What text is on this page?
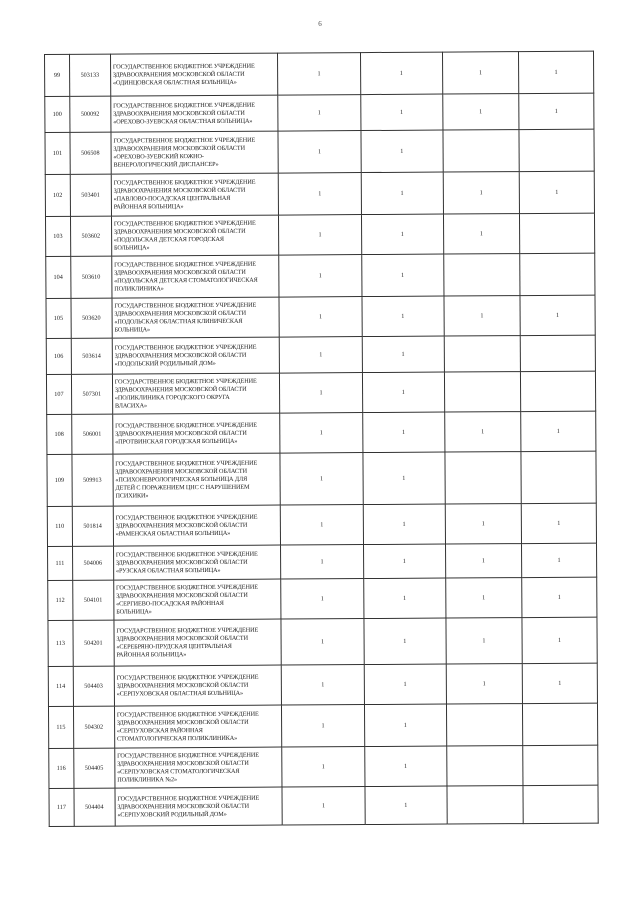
6
99	503133	ГОСУДАРСТВЕННОЕ БЮДЖЕТНОЕ УЧРЕЖДЕНИЕ
ЗДРАВООХРАНЕНИЯ МОСКОВСКОЙ ОБЛАСТИ
«ОДИНЦОВСКАЯ ОБЛАСТНАЯ БОЛЬНИЦА»	1	1	1	1
100	500092	ГОСУДАРСТВЕННОЕ БЮДЖЕТНОЕ УЧРЕЖДЕНИЕ
ЗДРАВООХРАНЕНИЯ МОСКОВСКОЙ ОБЛАСТИ
«ОРЕХОВО-ЗУЕВСКАЯ ОБЛАСТНАЯ БОЛЬНИЦА»	1	1	1	1
101	506508	ГОСУДАРСТВЕННОЕ БЮДЖЕТНОЕ УЧРЕЖДЕНИЕ
ЗДРАВООХРАНЕНИЯ МОСКОВСКОЙ ОБЛАСТИ
«ОРЕХОВО-ЗУЕВСКИЙ КОЖНО-
ВЕНЕРОЛОГИЧЕСКИЙ ДИСПАНСЕР»	1	1		
102	503401	ГОСУДАРСТВЕННОЕ БЮДЖЕТНОЕ УЧРЕЖДЕНИЕ
ЗДРАВООХРАНЕНИЯ МОСКОВСКОЙ ОБЛАСТИ
«ПАВЛОВО-ПОСАДСКАЯ ЦЕНТРАЛЬНАЯ
РАЙОННАЯ БОЛЬНИЦА»	1	1	1	1
103	503602	ГОСУДАРСТВЕННОЕ БЮДЖЕТНОЕ УЧРЕЖДЕНИЕ
ЗДРАВООХРАНЕНИЯ МОСКОВСКОЙ ОБЛАСТИ
«ПОДОЛЬСКАЯ ДЕТСКАЯ ГОРОДСКАЯ
БОЛЬНИЦА»	1	1	1	
104	503610	ГОСУДАРСТВЕННОЕ БЮДЖЕТНОЕ УЧРЕЖДЕНИЕ
ЗДРАВООХРАНЕНИЯ МОСКОВСКОЙ ОБЛАСТИ
«ПОДОЛЬСКАЯ ДЕТСКАЯ СТОМАТОЛОГИЧЕСКАЯ
ПОЛИКЛИНИКА»	1	1		
105	503620	ГОСУДАРСТВЕННОЕ БЮДЖЕТНОЕ УЧРЕЖДЕНИЕ
ЗДРАВООХРАНЕНИЯ МОСКОВСКОЙ ОБЛАСТИ
«ПОДОЛЬСКАЯ ОБЛАСТНАЯ КЛИНИЧЕСКАЯ
БОЛЬНИЦА»	1	1	1	1
106	503614	ГОСУДАРСТВЕННОЕ БЮДЖЕТНОЕ УЧРЕЖДЕНИЕ
ЗДРАВООХРАНЕНИЯ МОСКОВСКОЙ ОБЛАСТИ
«ПОДОЛЬСКИЙ РОДИЛЬНЫЙ ДОМ»	1	1		
107	507301	ГОСУДАРСТВЕННОЕ БЮДЖЕТНОЕ УЧРЕЖДЕНИЕ
ЗДРАВООХРАНЕНИЯ МОСКОВСКОЙ ОБЛАСТИ
«ПОЛИКЛИНИКА ГОРОДСКОГО ОКРУГА
ВЛАСИХА»	1	1		
108	506001	ГОСУДАРСТВЕННОЕ БЮДЖЕТНОЕ УЧРЕЖДЕНИЕ
ЗДРАВООХРАНЕНИЯ МОСКОВСКОЙ ОБЛАСТИ
«ПРОТВИНСКАЯ ГОРОДСКАЯ БОЛЬНИЦА»	1	1	1	1
109	509913	ГОСУДАРСТВЕННОЕ БЮДЖЕТНОЕ УЧРЕЖДЕНИЕ
ЗДРАВООХРАНЕНИЯ МОСКОВСКОЙ ОБЛАСТИ
«ПСИХОНЕВРОЛОГИЧЕСКАЯ БОЛЬНИЦА ДЛЯ
ДЕТЕЙ С ПОРАЖЕНИЕМ ЦНС С НАРУШЕНИЕМ
ПСИХИКИ»	1	1		
110	501814	ГОСУДАРСТВЕННОЕ БЮДЖЕТНОЕ УЧРЕЖДЕНИЕ
ЗДРАВООХРАНЕНИЯ МОСКОВСКОЙ ОБЛАСТИ
«РАМЕНСКАЯ ОБЛАСТНАЯ БОЛЬНИЦА»	1	1	1	1
111	504006	ГОСУДАРСТВЕННОЕ БЮДЖЕТНОЕ УЧРЕЖДЕНИЕ
ЗДРАВООХРАНЕНИЯ МОСКОВСКОЙ ОБЛАСТИ
«РУЗСКАЯ ОБЛАСТНАЯ БОЛЬНИЦА»	1	1	1	1
112	504101	ГОСУДАРСТВЕННОЕ БЮДЖЕТНОЕ УЧРЕЖДЕНИЕ
ЗДРАВООХРАНЕНИЯ МОСКОВСКОЙ ОБЛАСТИ
«СЕРГИЕВО-ПОСАДСКАЯ РАЙОННАЯ
БОЛЬНИЦА»	1	1	1	1
113	504201	ГОСУДАРСТВЕННОЕ БЮДЖЕТНОЕ УЧРЕЖДЕНИЕ
ЗДРАВООХРАНЕНИЯ МОСКОВСКОЙ ОБЛАСТИ
«СЕРЕБРЯНО-ПРУДСКАЯ ЦЕНТРАЛЬНАЯ
РАЙОННАЯ БОЛЬНИЦА»	1	1	1	1
114	504403	ГОСУДАРСТВЕННОЕ БЮДЖЕТНОЕ УЧРЕЖДЕНИЕ
ЗДРАВООХРАНЕНИЯ МОСКОВСКОЙ ОБЛАСТИ
«СЕРПУХОВСКАЯ ОБЛАСТНАЯ БОЛЬНИЦА»	1	1	1	1
115	504302	ГОСУДАРСТВЕННОЕ БЮДЖЕТНОЕ УЧРЕЖДЕНИЕ
ЗДРАВООХРАНЕНИЯ МОСКОВСКОЙ ОБЛАСТИ
«СЕРПУХОВСКАЯ РАЙОННАЯ
СТОМАТОЛОГИЧЕСКАЯ ПОЛИКЛИНИКА»	1	1		
116	504405	ГОСУДАРСТВЕННОЕ БЮДЖЕТНОЕ УЧРЕЖДЕНИЕ
ЗДРАВООХРАНЕНИЯ МОСКОВСКОЙ ОБЛАСТИ
«СЕРПУХОВСКАЯ СТОМАТОЛОГИЧЕСКАЯ
ПОЛИКЛИНИКА №2»	1	1		
117	504404	ГОСУДАРСТВЕННОЕ БЮДЖЕТНОЕ УЧРЕЖДЕНИЕ
ЗДРАВООХРАНЕНИЯ МОСКОВСКОЙ ОБЛАСТИ
«СЕРПУХОВСКИЙ РОДИЛЬНЫЙ ДОМ»	1	1		
